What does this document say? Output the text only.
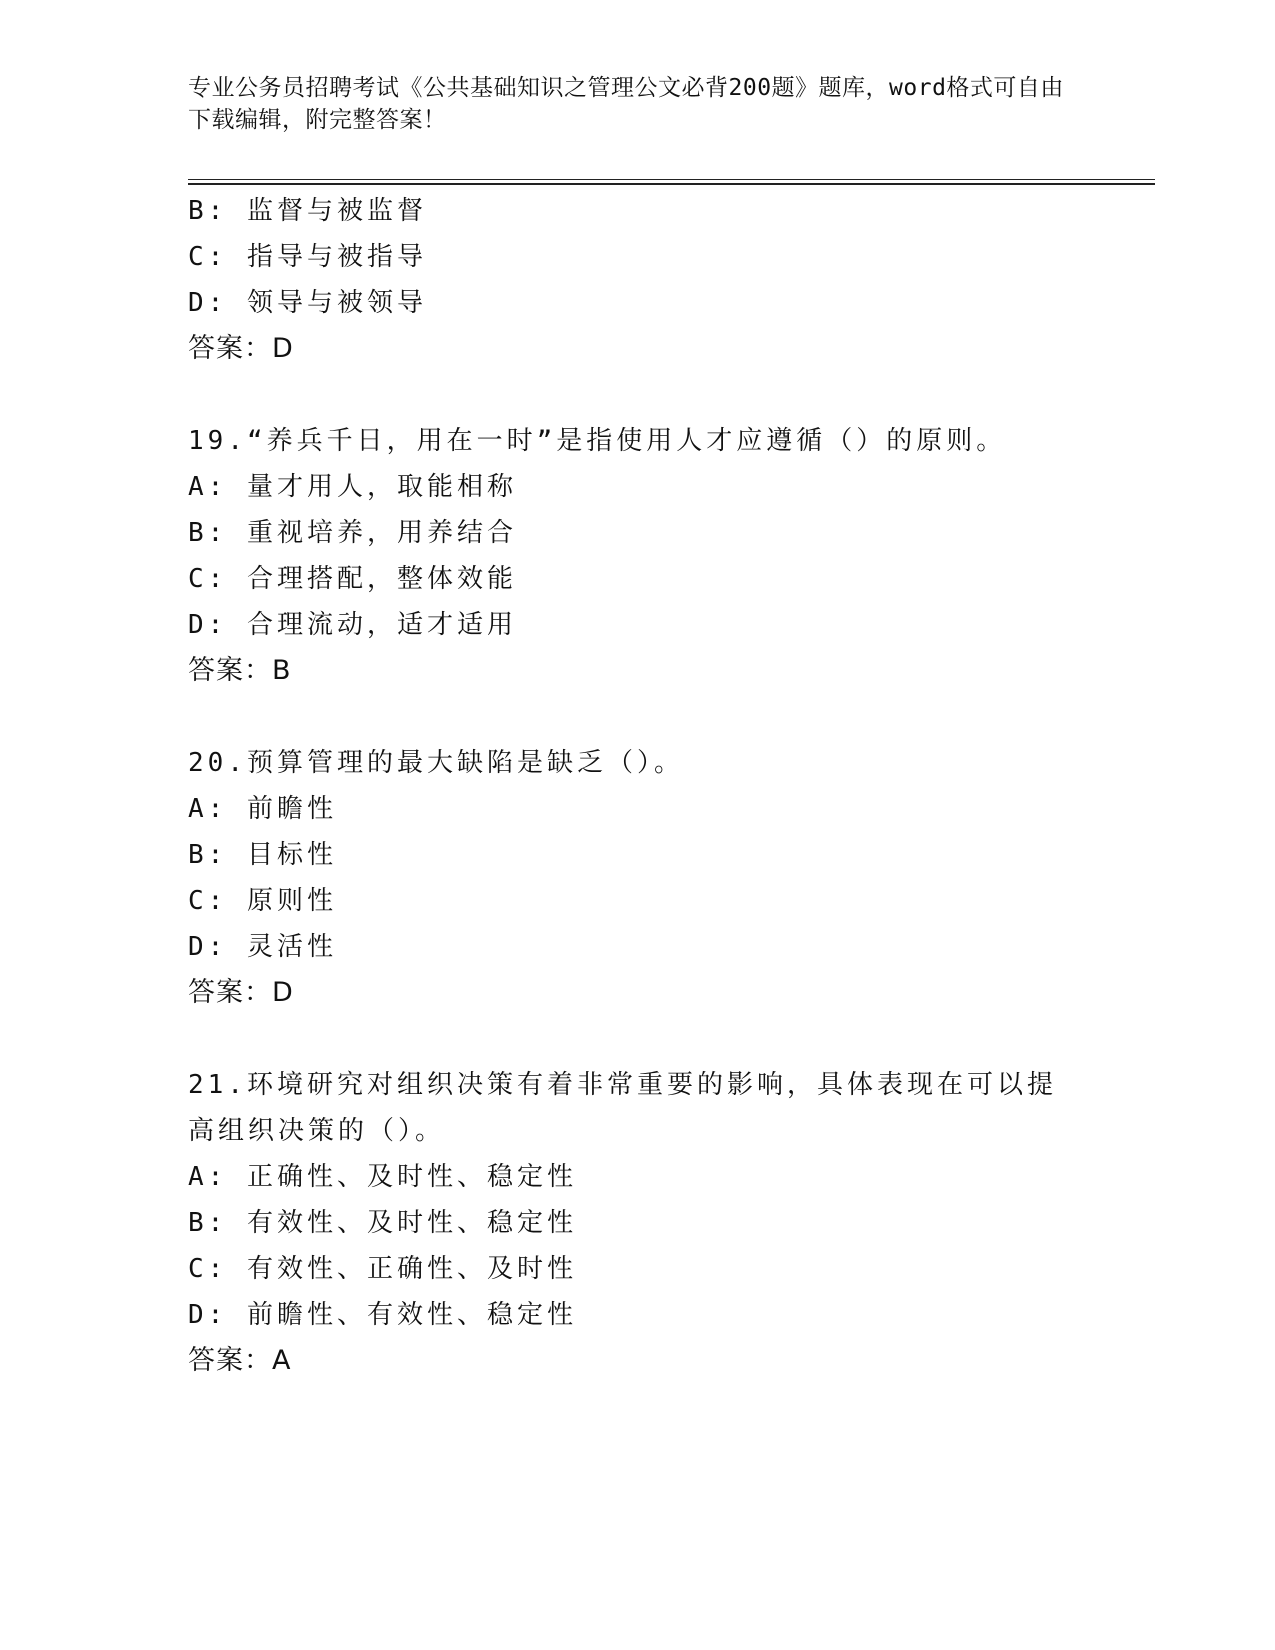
专业公务员招聘考试《公共基础知识之管理公文必背200题》题库，word格式可自由下载编辑，附完整答案！
B: 监督与被监督
C: 指导与被指导
D: 领导与被领导
答案：D
19.“养兵千日，用在一时”是指使用人才应遵循（）的原则。
A: 量才用人，取能相称
B: 重视培养，用养结合
C: 合理搭配，整体效能
D: 合理流动，适才适用
答案：B
20.预算管理的最大缺陷是缺乏（）。
A: 前瞻性
B: 目标性
C: 原则性
D: 灵活性
答案：D
21.环境研究对组织决策有着非常重要的影响，具体表现在可以提高组织决策的（）。
A: 正确性、及时性、稳定性
B: 有效性、及时性、稳定性
C: 有效性、正确性、及时性
D: 前瞻性、有效性、稳定性
答案：A
